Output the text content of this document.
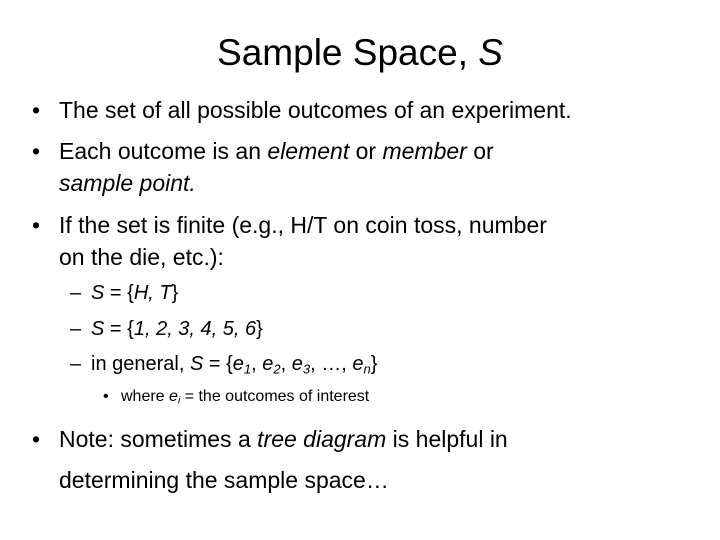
Sample Space, S
• The set of all possible outcomes of an experiment.
• Each outcome is an element or member or
sample point.
• If the set is finite (e.g., H/T on coin toss, number
on the die, etc.):
– S = {H, T}
– S = {1, 2, 3, 4, 5, 6}
– in general, $S = \{e_1$, $e_2$, $e_3$, …, $e_n$}
• where $e_i$ = the outcomes of interest
• Note: sometimes a tree diagram is helpful in
determining the sample space…
